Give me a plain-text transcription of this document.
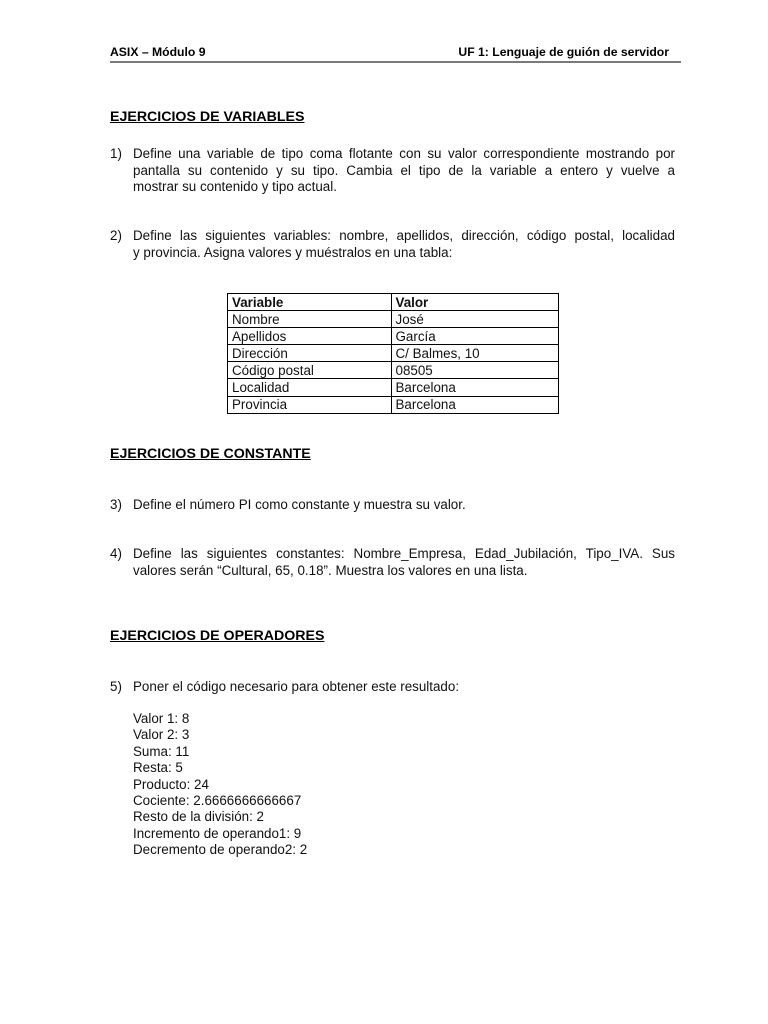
ASIX – Módulo 9	UF 1: Lenguaje de guión de servidor
EJERCICIOS DE VARIABLES
1) Define una variable de tipo coma flotante con su valor correspondiente mostrando por
pantalla su contenido y su tipo. Cambia el tipo de la variable a entero y vuelve a
mostrar su contenido y tipo actual.
2) Define las siguientes variables: nombre, apellidos, dirección, código postal, localidad
y provincia. Asigna valores y muéstralos en una tabla:
Variable	Valor
Nombre	José
Apellidos	García
Dirección	C/ Balmes, 10
Código postal	08505
Localidad	Barcelona
Provincia	Barcelona
EJERCICIOS DE CONSTANTE
3) Define el número PI como constante y muestra su valor.
4) Define las siguientes constantes: Nombre_Empresa, Edad_Jubilación, Tipo_IVA. Sus
valores serán “Cultural, 65, 0.18”. Muestra los valores en una lista.
EJERCICIOS DE OPERADORES
5) Poner el código necesario para obtener este resultado:
Valor 1: 8
Valor 2: 3
Suma: 11
Resta: 5
Producto: 24
Cociente: 2.6666666666667
Resto de la división: 2
Incremento de operando1: 9
Decremento de operando2: 2
